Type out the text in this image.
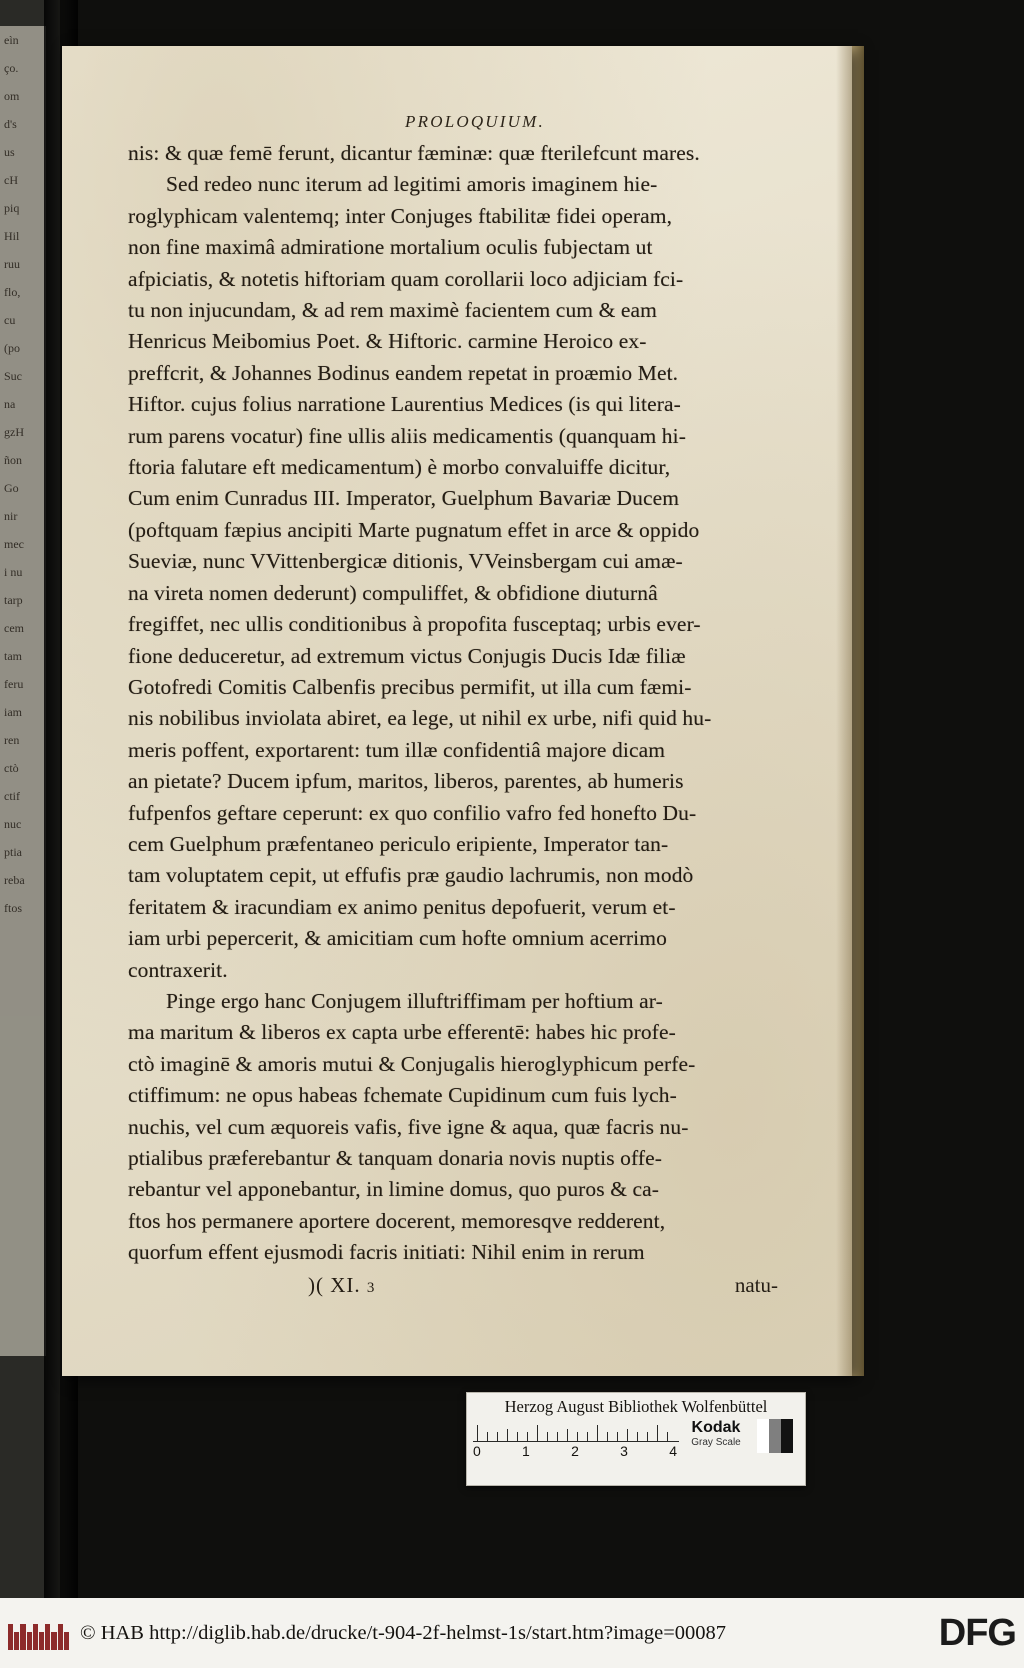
eìn
ço.
om
d's
us
cH
piq
Hil
ruu
flo,
cu
(po
Suc
na
gzH
ñon
Go
nir
mec
i nu
tarp
cem
tam
feru
iam
ren
ctò
ctif
nuc
ptia
reba
ftos
PROLOQUIUM.
nis: & quæ femē ferunt, dicantur fæminæ: quæ fterilefcunt mares.
Sed redeo nunc iterum ad legitimi amoris imaginem hie-
roglyphicam valentemq; inter Conjuges ftabilitæ fidei operam,
non fine maximâ admiratione mortalium oculis fubjectam ut
afpiciatis, & notetis hiftoriam quam corollarii loco adjiciam fci-
tu non injucundam, & ad rem maximè facientem cum & eam
Henricus Meibomius Poet. & Hiftoric. carmine Heroico ex-
preffcrit, & Johannes Bodinus eandem repetat in proæmio Met.
Hiftor. cujus folius narratione Laurentius Medices (is qui litera-
rum parens vocatur) fine ullis aliis medicamentis (quanquam hi-
ftoria falutare eft medicamentum) è morbo convaluiffe dicitur,
Cum enim Cunradus III. Imperator, Guelphum Bavariæ Ducem
(poftquam fæpius ancipiti Marte pugnatum effet in arce & oppido
Sueviæ, nunc VVittenbergicæ ditionis, VVeinsbergam cui amæ-
na vireta nomen dederunt) compuliffet, & obfidione diuturnâ
fregiffet, nec ullis conditionibus à propofita fusceptaq; urbis ever-
fione deduceretur, ad extremum victus Conjugis Ducis Idæ filiæ
Gotofredi Comitis Calbenfis precibus permifit, ut illa cum fæmi-
nis nobilibus inviolata abiret, ea lege, ut nihil ex urbe, nifi quid hu-
meris poffent, exportarent: tum illæ confidentiâ majore dicam
an pietate? Ducem ipfum, maritos, liberos, parentes, ab humeris
fufpenfos geftare ceperunt: ex quo confilio vafro fed honefto Du-
cem Guelphum præfentaneo periculo eripiente, Imperator tan-
tam voluptatem cepit, ut effufis præ gaudio lachrumis, non modò
feritatem & iracundiam ex animo penitus depofuerit, verum et-
iam urbi pepercerit, & amicitiam cum hofte omnium acerrimo
contraxerit.
Pinge ergo hanc Conjugem illuftriffimam per hoftium ar-
ma maritum & liberos ex capta urbe efferentē: habes hic profe-
ctò imaginē & amoris mutui & Conjugalis hieroglyphicum perfe-
ctiffimum: ne opus habeas fchemate Cupidinum cum fuis lych-
nuchis, vel cum æquoreis vafis, five igne & aqua, quæ facris nu-
ptialibus præferebantur & tanquam donaria novis nuptis offe-
rebantur vel apponebantur, in limine domus, quo puros & ca-
ftos hos permanere aportere docerent, memoresqve redderent,
quorfum effent ejusmodi facris initiati: Nihil enim in rerum
)( XI. 3	natu-
Herzog August Bibliothek Wolfenbüttel
0	1	2	3	4
Kodak
Gray Scale
© HAB http://diglib.hab.de/drucke/t-904-2f-helmst-1s/start.htm?image=00087	DFG
